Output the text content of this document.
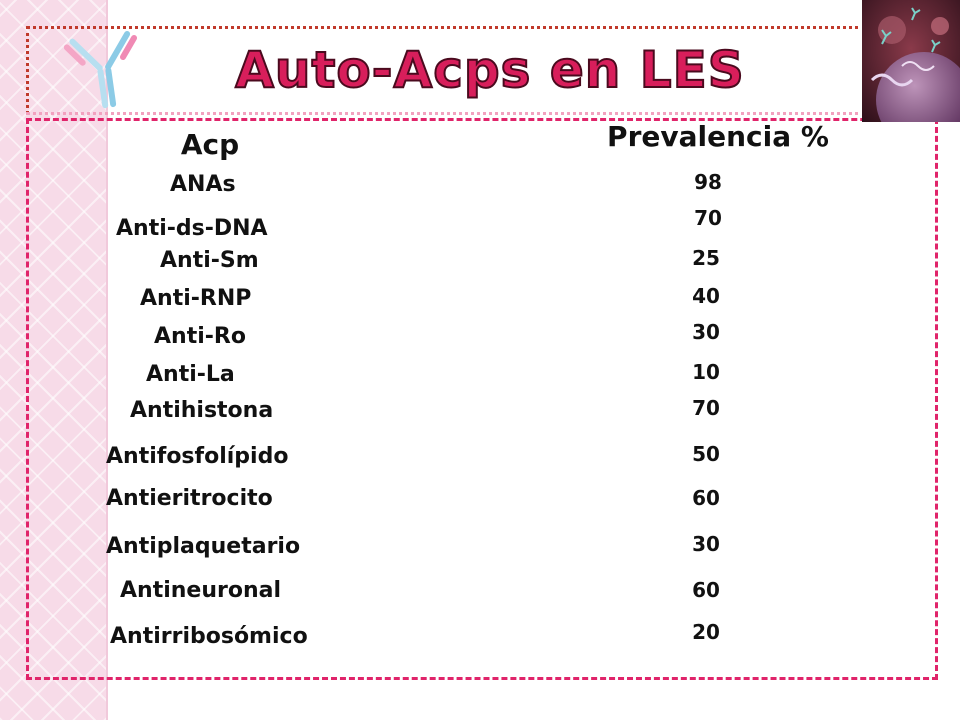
Auto-Acps en LES
Acp	Prevalencia %
ANAs	98
Anti-ds-DNA	70
Anti-Sm	25
Anti-RNP	40
Anti-Ro	30
Anti-La	10
Antihistona	70
Antifosfolípido	50
Antieritrocito	60
Antiplaquetario	30
Antineuronal	60
Antirribosómico	20
